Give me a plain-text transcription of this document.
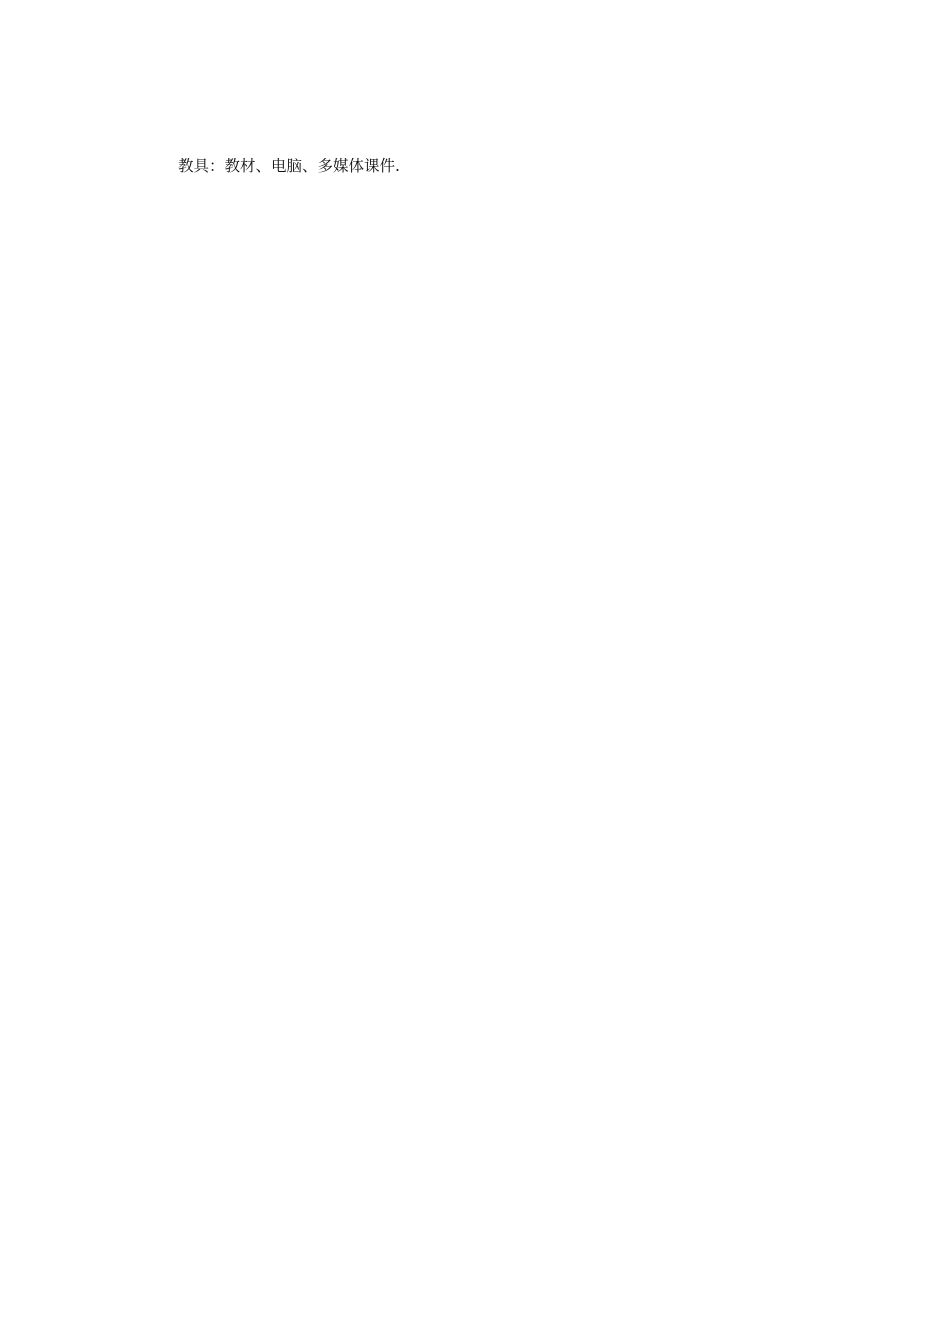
教具：教材、电脑、多媒体课件.
